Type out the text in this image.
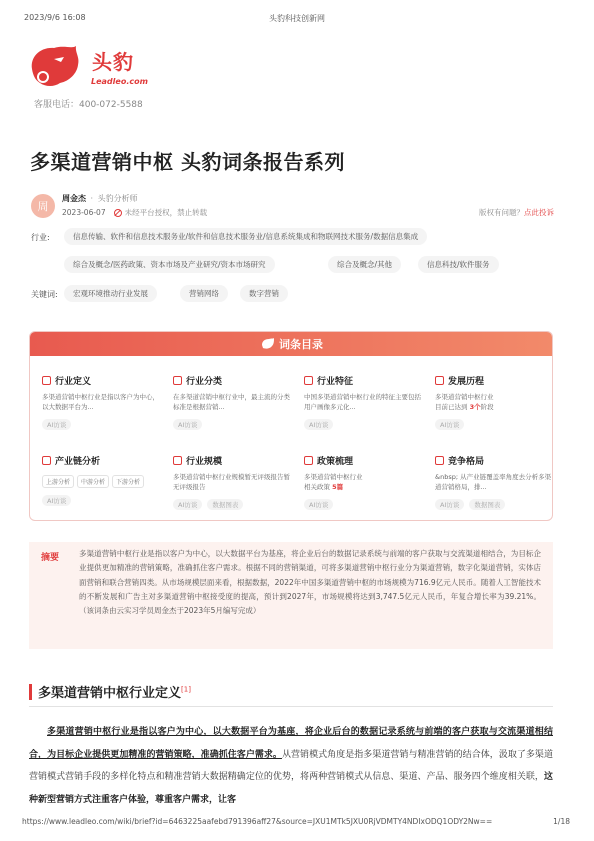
2023/9/6 16:08	头豹科技创新网
头豹
Leadleo.com
客服电话：400-072-5588
多渠道营销中枢 头豹词条报告系列
周
周金杰 · 头豹分析师
2023-06-07	未经平台授权，禁止转载	版权有问题？点此投诉
行业:	信息传输、软件和信息技术服务业/软件和信息技术服务业/信息系统集成和物联网技术服务/数据信息集成
综合及概念/医药政策、资本市场及产业研究/资本市场研究	综合及概念/其他	信息科技/软件服务
关键词:	宏观环境推动行业发展	营销网络	数字营销
词条目录
行业定义
多渠道营销中枢行业是指以客户为中心，以大数据平台为...
AI访谈
行业分类
在多渠道营销中枢行业中，最主流的分类标准是根据营销...
AI访谈
行业特征
中国多渠道营销中枢行业的特征主要包括用户画像多元化...
AI访谈
发展历程
多渠道营销中枢行业
目前已达到 3个阶段
AI访谈
产业链分析
上游分析 中游分析 下游分析
AI访谈
行业规模
多渠道营销中枢行业规模暂无评级报告暂无评级报告
AI访谈 数据图表
政策梳理
多渠道营销中枢行业
相关政策 5篇
AI访谈
竞争格局
&nbsp; 从产业链覆盖率角度去分析多渠道营销格局，排...
AI访谈 数据图表
摘要	多渠道营销中枢行业是指以客户为中心，以大数据平台为基座，将企业后台的数据记录系统与前端的客户获取与交流渠道相结合，为目标企业提供更加精准的营销策略，准确抓住客户需求。根据不同的营销渠道，可将多渠道营销中枢行业分为渠道营销，数字化渠道营销，实体店面营销和联合营销四类。从市场规模层面来看，根据数据，2022年中国多渠道营销中枢的市场规模为716.9亿元人民币。随着人工智能技术的不断发展和广告主对多渠道营销中枢接受度的提高，预计到2027年，市场规模将达到3,747.5亿元人民币，年复合增长率为39.21%。（该词条由云实习学员周金杰于2023年5月编写完成）
多渠道营销中枢行业定义[1]
多渠道营销中枢行业是指以客户为中心，以大数据平台为基座，将企业后台的数据记录系统与前端的客户获取与交流渠道相结合，为目标企业提供更加精准的营销策略，准确抓住客户需求。从营销模式角度是指多渠道营销与精准营销的结合体，汲取了多渠道营销模式营销手段的多样化特点和精准营销大数据精确定位的优势，将两种营销模式从信息、渠道、产品、服务四个维度相关联，这种新型营销方式注重客户体验，尊重客户需求，让客
https://www.leadleo.com/wiki/brief?id=6463225aafebd791396aff27&source=JXU1MTk5JXU0RjVDMTY4NDIxODQ1ODY2Nw==	1/18
